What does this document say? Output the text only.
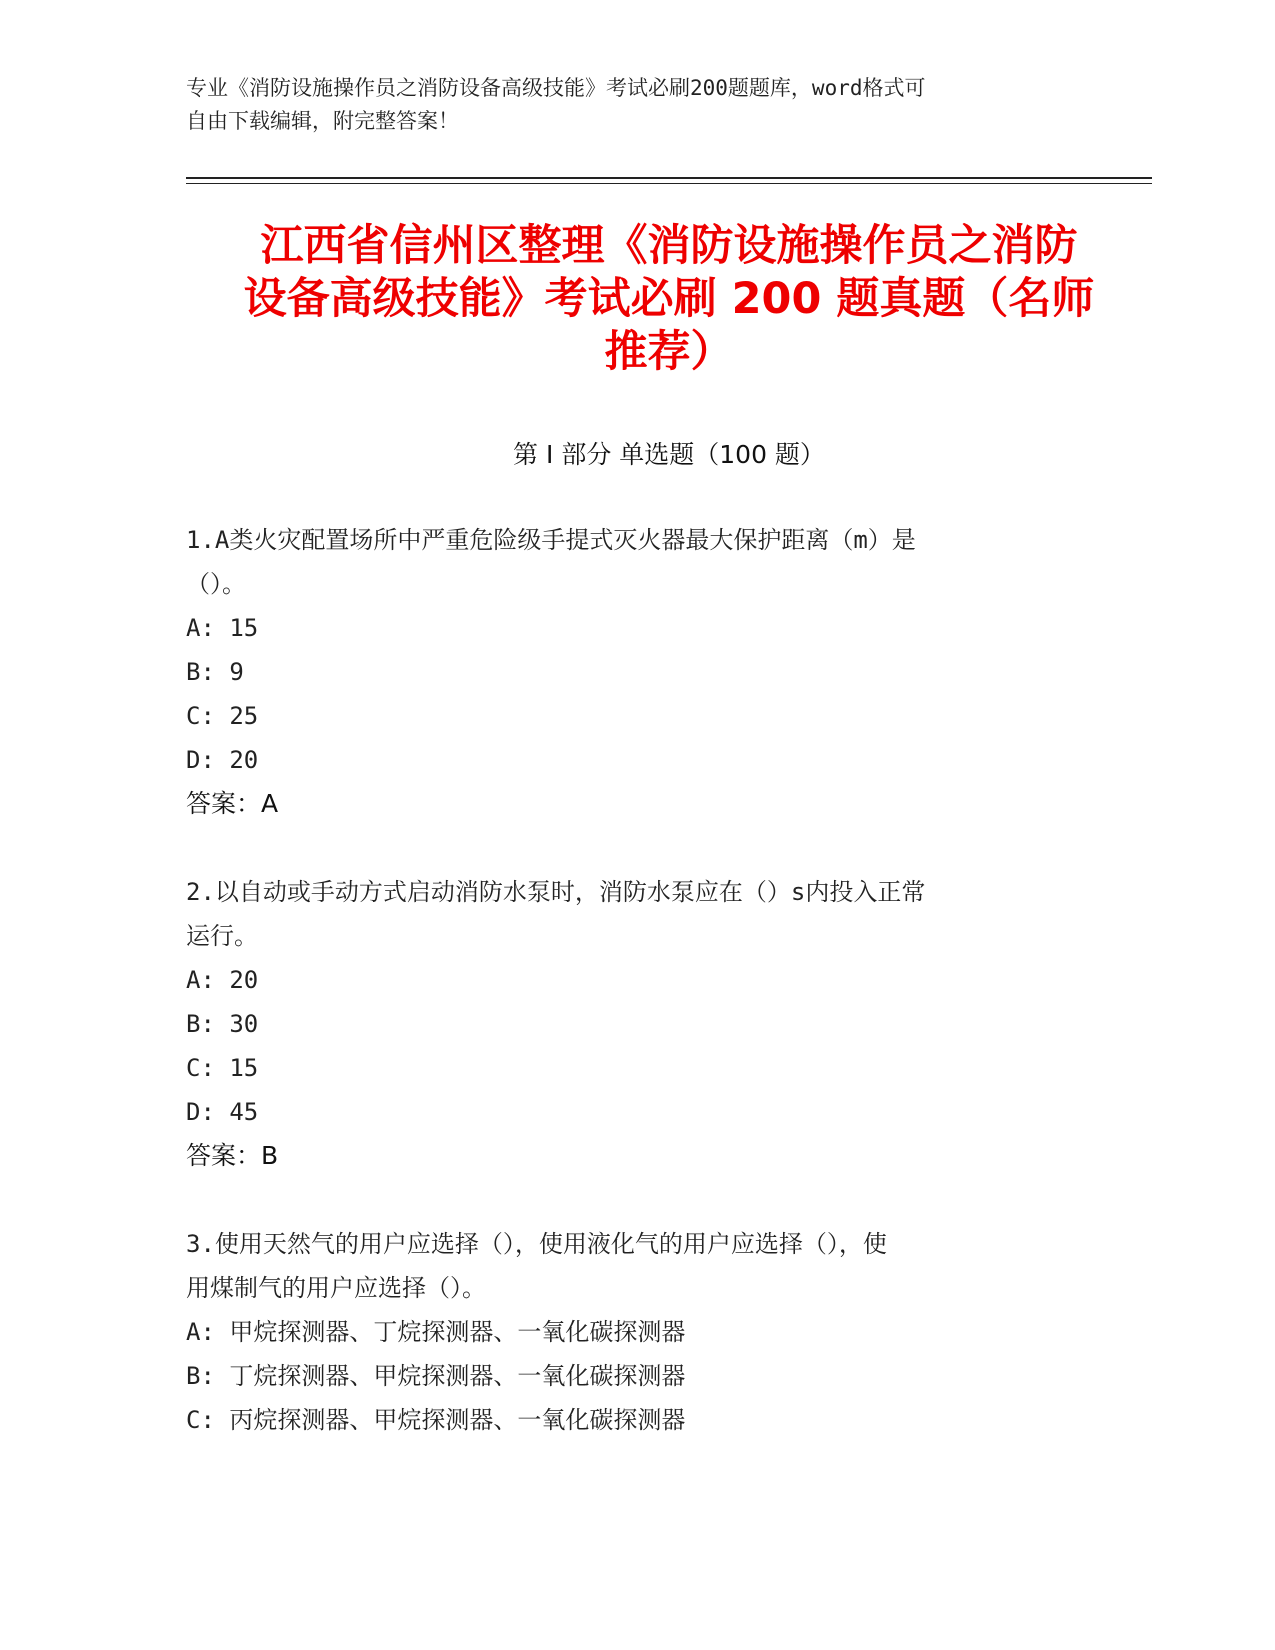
专业《消防设施操作员之消防设备高级技能》考试必刷200题题库，word格式可
自由下载编辑，附完整答案！
江西省信州区整理《消防设施操作员之消防
设备高级技能》考试必刷 200 题真题（名师
推荐）
第 I 部分 单选题（100 题）
1.A类火灾配置场所中严重危险级手提式灭火器最大保护距离（m）是
（）。
A: 15
B: 9
C: 25
D: 20
答案：A
2.以自动或手动方式启动消防水泵时，消防水泵应在（）s内投入正常
运行。
A: 20
B: 30
C: 15
D: 45
答案：B
3.使用天然气的用户应选择（），使用液化气的用户应选择（），使
用煤制气的用户应选择（）。
A: 甲烷探测器、丁烷探测器、一氧化碳探测器
B: 丁烷探测器、甲烷探测器、一氧化碳探测器
C: 丙烷探测器、甲烷探测器、一氧化碳探测器
